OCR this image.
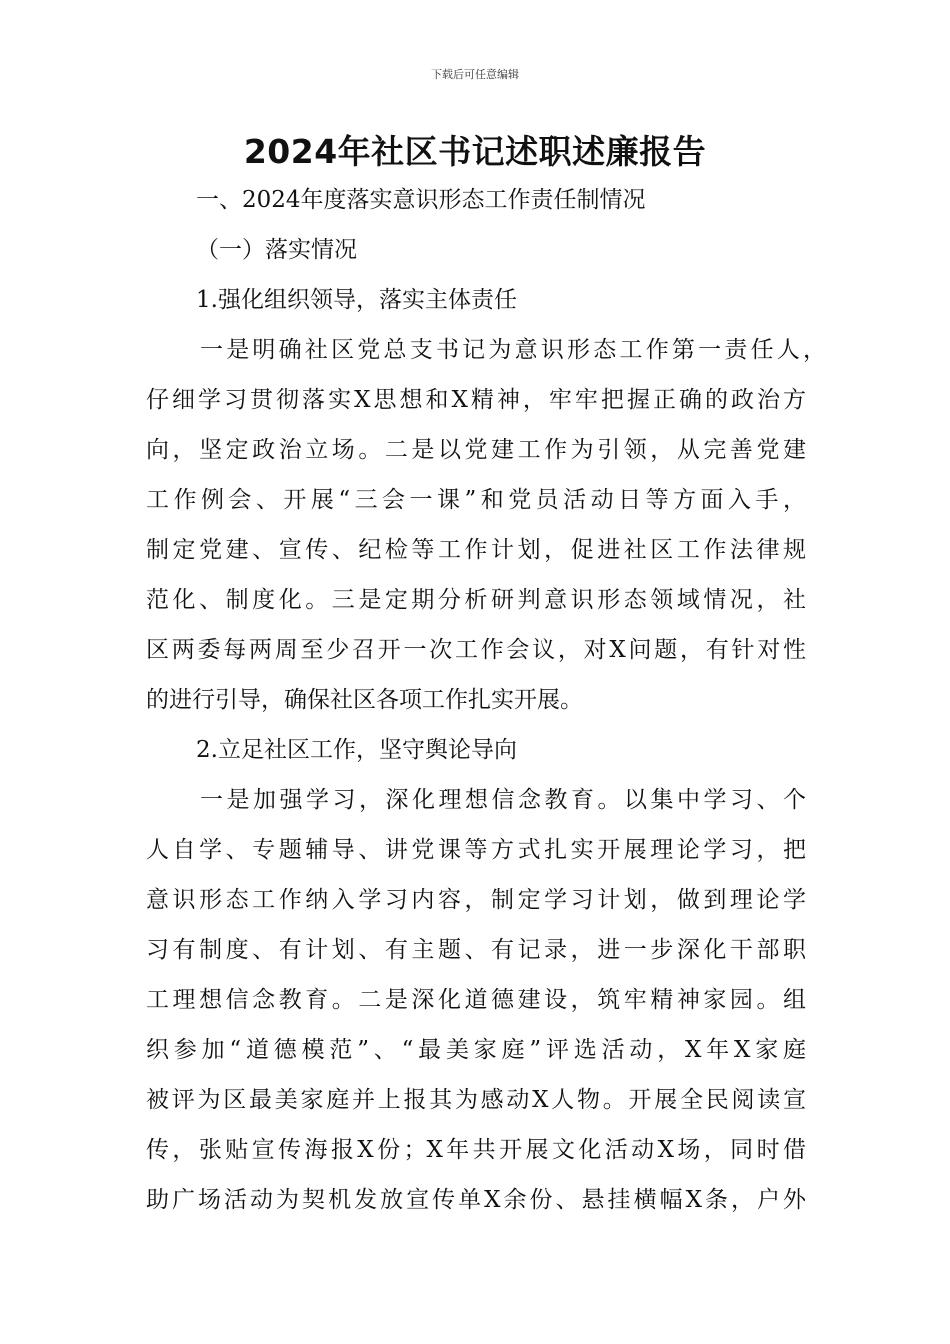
下载后可任意编辑
2024年社区书记述职述廉报告
一、2024年度落实意识形态工作责任制情况
（一）落实情况
1.强化组织领导，落实主体责任
一是明确社区党总支书记为意识形态工作第一责任人，
仔细学习贯彻落实X思想和X精神，牢牢把握正确的政治方
向，坚定政治立场。二是以党建工作为引领，从完善党建
工作例会、开展“三会一课”和党员活动日等方面入手，
制定党建、宣传、纪检等工作计划，促进社区工作法律规
范化、制度化。三是定期分析研判意识形态领域情况，社
区两委每两周至少召开一次工作会议，对X问题，有针对性
的进行引导，确保社区各项工作扎实开展。
2.立足社区工作，坚守舆论导向
一是加强学习，深化理想信念教育。以集中学习、个
人自学、专题辅导、讲党课等方式扎实开展理论学习，把
意识形态工作纳入学习内容，制定学习计划，做到理论学
习有制度、有计划、有主题、有记录，进一步深化干部职
工理想信念教育。二是深化道德建设，筑牢精神家园。组
织参加“道德模范”、“最美家庭”评选活动，X年X家庭
被评为区最美家庭并上报其为感动X人物。开展全民阅读宣
传，张贴宣传海报X份；X年共开展文化活动X场，同时借
助广场活动为契机发放宣传单X余份、悬挂横幅X条，户外
